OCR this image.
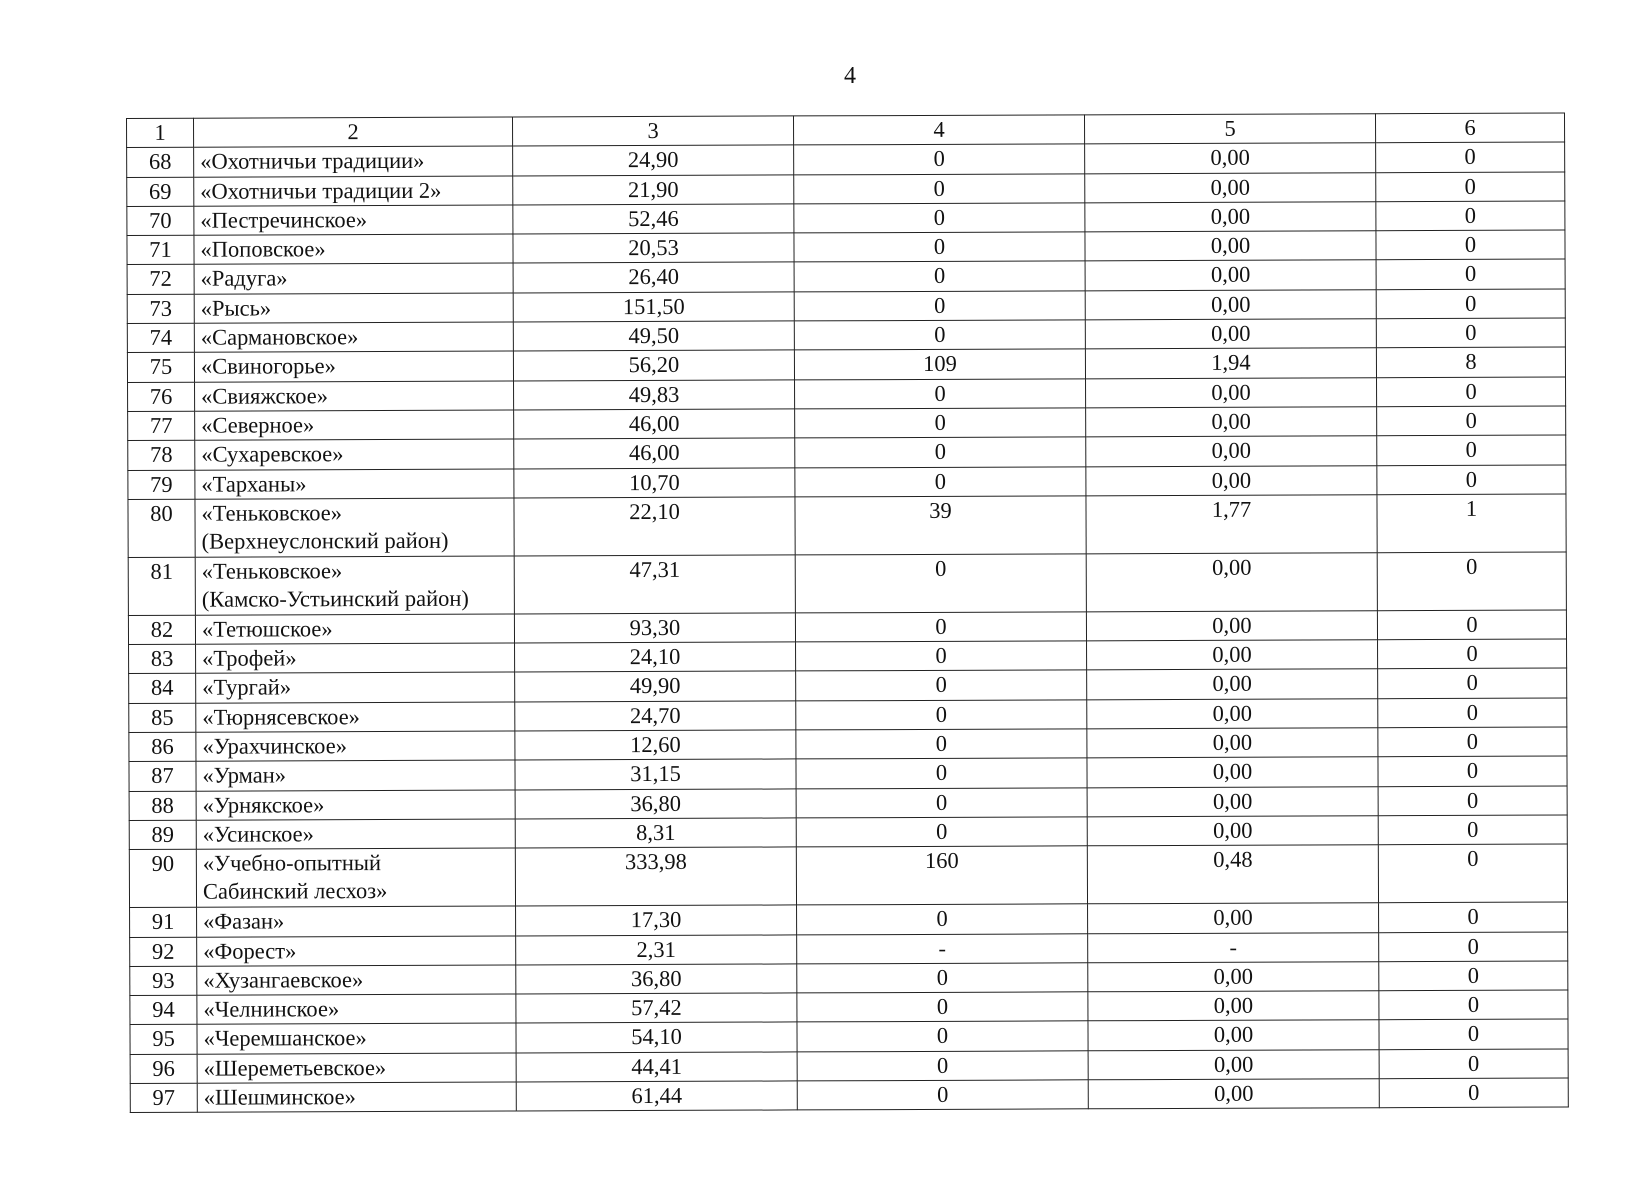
4
1	2	3	4	5	6
68	«Охотничьи традиции»	24,90	0	0,00	0
69	«Охотничьи традиции 2»	21,90	0	0,00	0
70	«Пестречинское»	52,46	0	0,00	0
71	«Поповское»	20,53	0	0,00	0
72	«Радуга»	26,40	0	0,00	0
73	«Рысь»	151,50	0	0,00	0
74	«Сармановское»	49,50	0	0,00	0
75	«Свиногорье»	56,20	109	1,94	8
76	«Свияжское»	49,83	0	0,00	0
77	«Северное»	46,00	0	0,00	0
78	«Сухаревское»	46,00	0	0,00	0
79	«Тарханы»	10,70	0	0,00	0
80	«Теньковское»
(Верхнеуслонский район)	22,10	39	1,77	1
81	«Теньковское»
(Камско-Устьинский район)	47,31	0	0,00	0
82	«Тетюшское»	93,30	0	0,00	0
83	«Трофей»	24,10	0	0,00	0
84	«Тургай»	49,90	0	0,00	0
85	«Тюрнясевское»	24,70	0	0,00	0
86	«Урахчинское»	12,60	0	0,00	0
87	«Урман»	31,15	0	0,00	0
88	«Урнякское»	36,80	0	0,00	0
89	«Усинское»	8,31	0	0,00	0
90	«Учебно-опытный
Сабинский лесхоз»	333,98	160	0,48	0
91	«Фазан»	17,30	0	0,00	0
92	«Форест»	2,31	-	-	0
93	«Хузангаевское»	36,80	0	0,00	0
94	«Челнинское»	57,42	0	0,00	0
95	«Черемшанское»	54,10	0	0,00	0
96	«Шереметьевское»	44,41	0	0,00	0
97	«Шешминское»	61,44	0	0,00	0
